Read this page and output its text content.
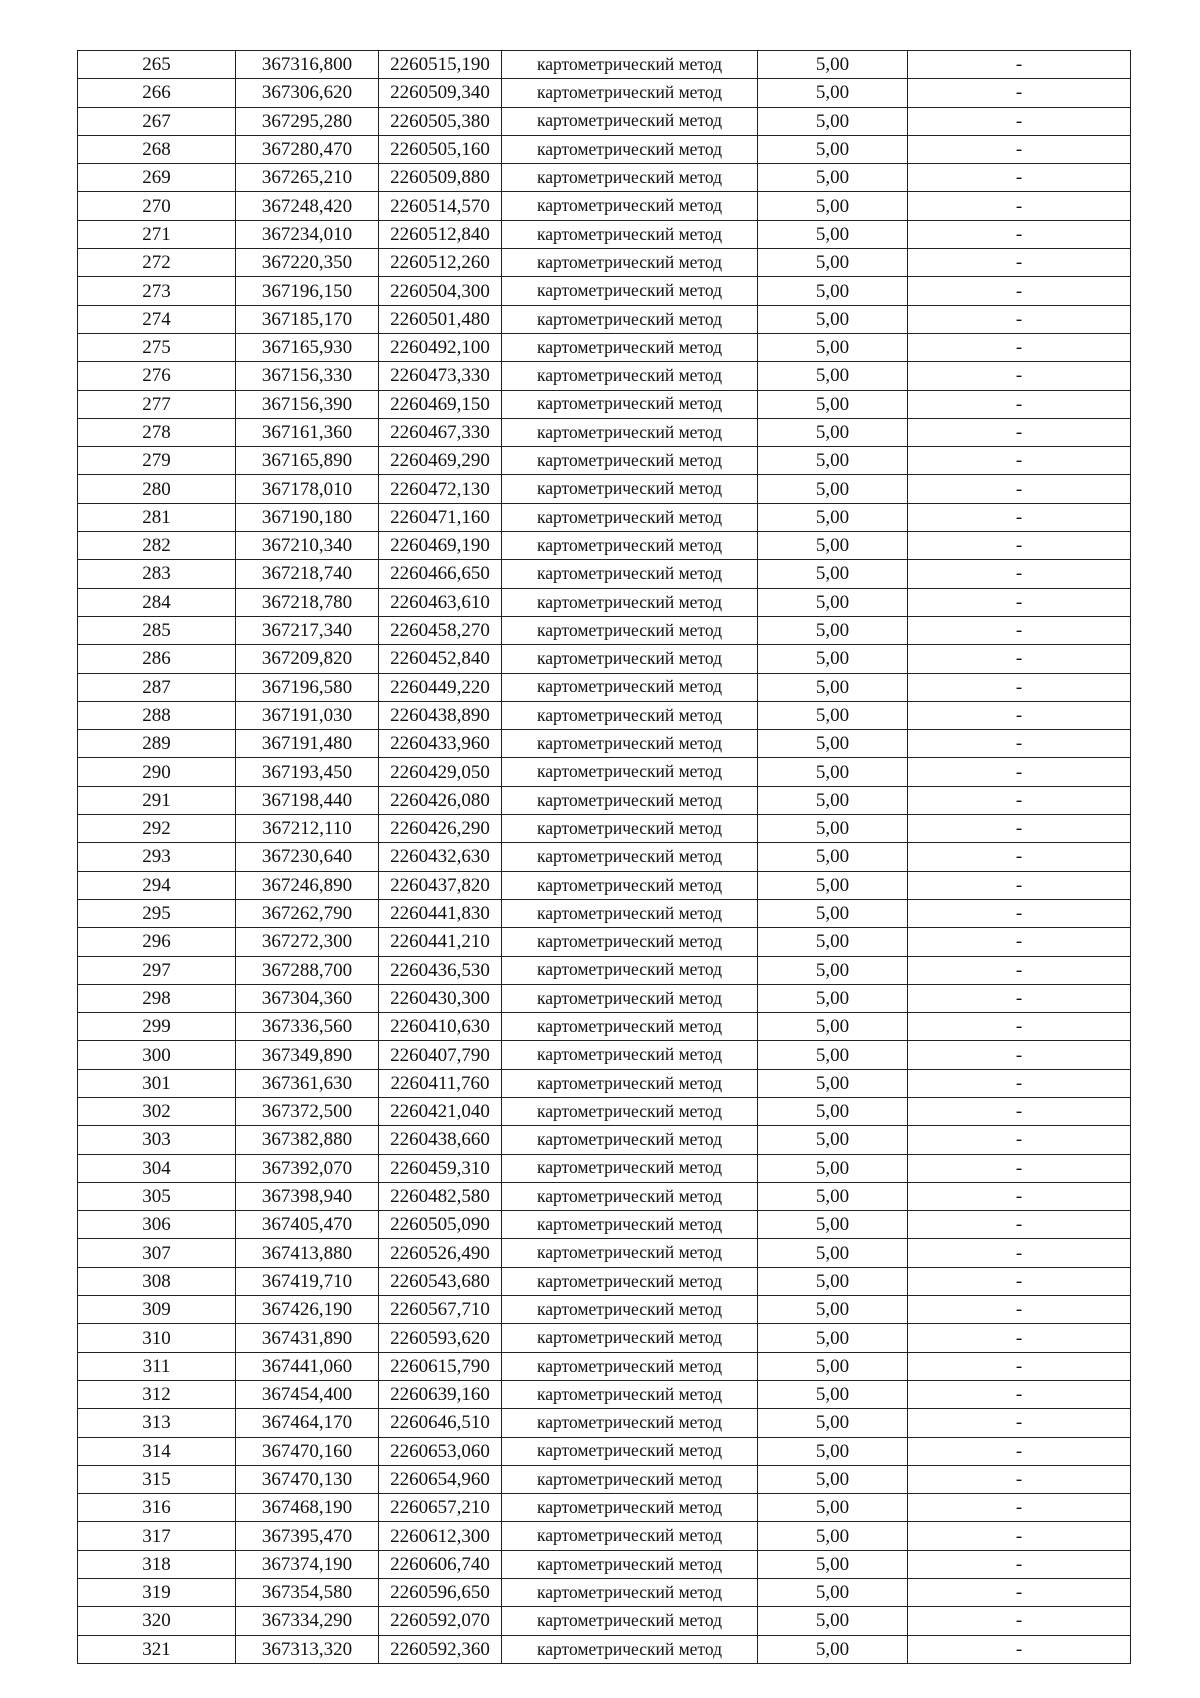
265	367316,800	2260515,190	картометрический метод	5,00	-
266	367306,620	2260509,340	картометрический метод	5,00	-
267	367295,280	2260505,380	картометрический метод	5,00	-
268	367280,470	2260505,160	картометрический метод	5,00	-
269	367265,210	2260509,880	картометрический метод	5,00	-
270	367248,420	2260514,570	картометрический метод	5,00	-
271	367234,010	2260512,840	картометрический метод	5,00	-
272	367220,350	2260512,260	картометрический метод	5,00	-
273	367196,150	2260504,300	картометрический метод	5,00	-
274	367185,170	2260501,480	картометрический метод	5,00	-
275	367165,930	2260492,100	картометрический метод	5,00	-
276	367156,330	2260473,330	картометрический метод	5,00	-
277	367156,390	2260469,150	картометрический метод	5,00	-
278	367161,360	2260467,330	картометрический метод	5,00	-
279	367165,890	2260469,290	картометрический метод	5,00	-
280	367178,010	2260472,130	картометрический метод	5,00	-
281	367190,180	2260471,160	картометрический метод	5,00	-
282	367210,340	2260469,190	картометрический метод	5,00	-
283	367218,740	2260466,650	картометрический метод	5,00	-
284	367218,780	2260463,610	картометрический метод	5,00	-
285	367217,340	2260458,270	картометрический метод	5,00	-
286	367209,820	2260452,840	картометрический метод	5,00	-
287	367196,580	2260449,220	картометрический метод	5,00	-
288	367191,030	2260438,890	картометрический метод	5,00	-
289	367191,480	2260433,960	картометрический метод	5,00	-
290	367193,450	2260429,050	картометрический метод	5,00	-
291	367198,440	2260426,080	картометрический метод	5,00	-
292	367212,110	2260426,290	картометрический метод	5,00	-
293	367230,640	2260432,630	картометрический метод	5,00	-
294	367246,890	2260437,820	картометрический метод	5,00	-
295	367262,790	2260441,830	картометрический метод	5,00	-
296	367272,300	2260441,210	картометрический метод	5,00	-
297	367288,700	2260436,530	картометрический метод	5,00	-
298	367304,360	2260430,300	картометрический метод	5,00	-
299	367336,560	2260410,630	картометрический метод	5,00	-
300	367349,890	2260407,790	картометрический метод	5,00	-
301	367361,630	2260411,760	картометрический метод	5,00	-
302	367372,500	2260421,040	картометрический метод	5,00	-
303	367382,880	2260438,660	картометрический метод	5,00	-
304	367392,070	2260459,310	картометрический метод	5,00	-
305	367398,940	2260482,580	картометрический метод	5,00	-
306	367405,470	2260505,090	картометрический метод	5,00	-
307	367413,880	2260526,490	картометрический метод	5,00	-
308	367419,710	2260543,680	картометрический метод	5,00	-
309	367426,190	2260567,710	картометрический метод	5,00	-
310	367431,890	2260593,620	картометрический метод	5,00	-
311	367441,060	2260615,790	картометрический метод	5,00	-
312	367454,400	2260639,160	картометрический метод	5,00	-
313	367464,170	2260646,510	картометрический метод	5,00	-
314	367470,160	2260653,060	картометрический метод	5,00	-
315	367470,130	2260654,960	картометрический метод	5,00	-
316	367468,190	2260657,210	картометрический метод	5,00	-
317	367395,470	2260612,300	картометрический метод	5,00	-
318	367374,190	2260606,740	картометрический метод	5,00	-
319	367354,580	2260596,650	картометрический метод	5,00	-
320	367334,290	2260592,070	картометрический метод	5,00	-
321	367313,320	2260592,360	картометрический метод	5,00	-
